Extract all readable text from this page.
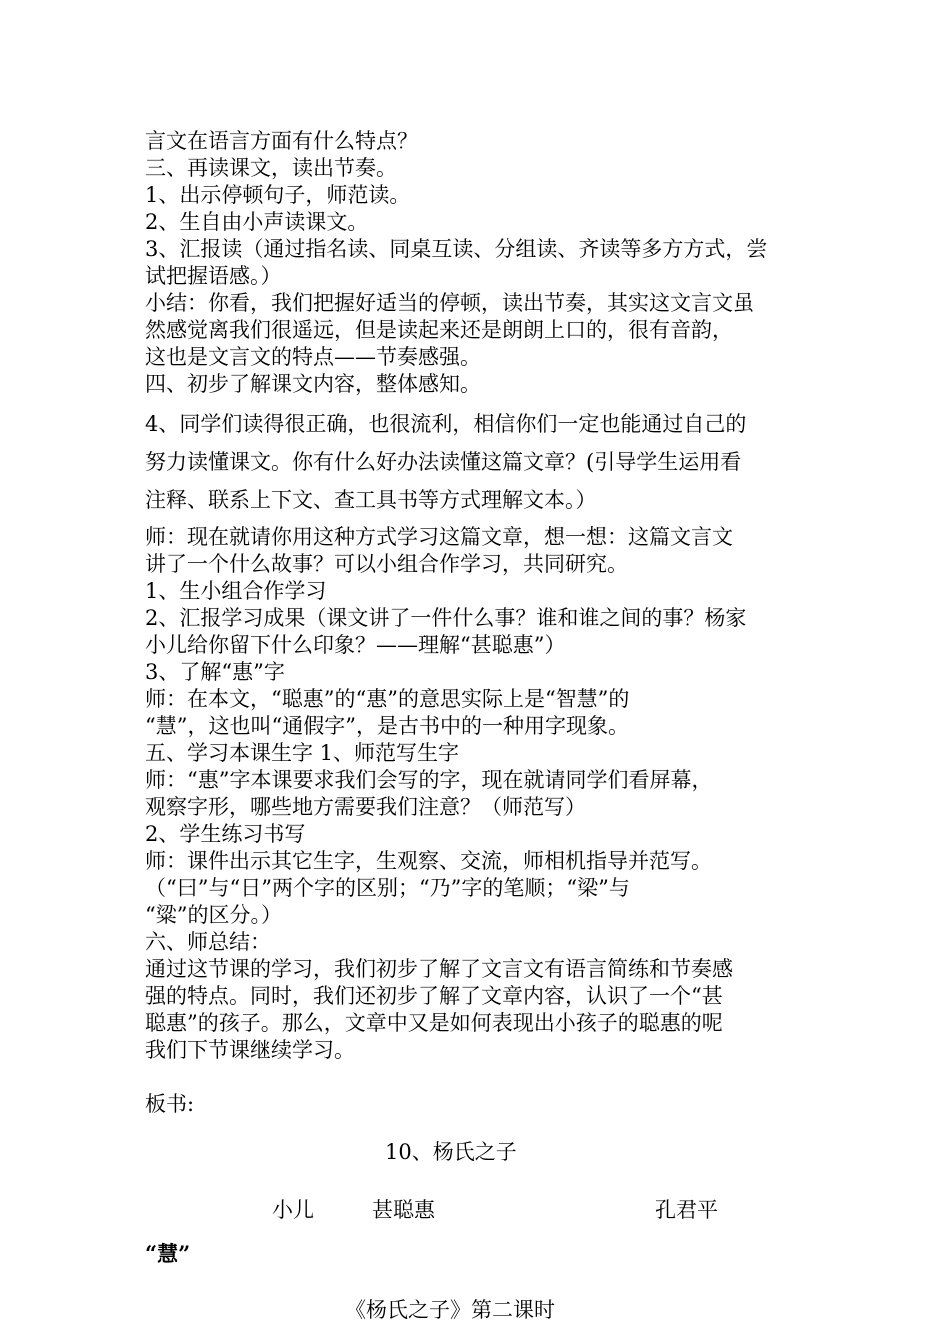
言文在语言方面有什么特点？

三、再读课文，读出节奏。

1、出示停顿句子，师范读。

2、生自由小声读课文。

3、汇报读（通过指名读、同桌互读、分组读、齐读等多方方式，尝

试把握语感。）

小结：你看，我们把握好适当的停顿，读出节奏，其实这文言文虽

然感觉离我们很遥远，但是读起来还是朗朗上口的，很有音韵，

这也是文言文的特点——节奏感强。

四、初步了解课文内容，整体感知。

4、同学们读得很正确，也很流利，相信你们一定也能通过自己的

努力读懂课文。你有什么好办法读懂这篇文章？(引导学生运用看

注释、联系上下文、查工具书等方式理解文本。）

师：现在就请你用这种方式学习这篇文章，想一想：这篇文言文

讲了一个什么故事？可以小组合作学习，共同研究。

1、生小组合作学习

2、汇报学习成果（课文讲了一件什么事？谁和谁之间的事？杨家

小儿给你留下什么印象？——理解“甚聪惠”）

3、了解“惠”字

师：在本文，“聪惠”的“惠”的意思实际上是“智慧”的

“慧”，这也叫“通假字”，是古书中的一种用字现象。

五、学习本课生字 1、师范写生字

师：“惠”字本课要求我们会写的字，现在就请同学们看屏幕，

观察字形，哪些地方需要我们注意？（师范写）

2、学生练习书写

师：课件出示其它生字，生观察、交流，师相机指导并范写。

（“曰”与“日”两个字的区别；“乃”字的笔顺；“梁”与

“粱”的区分。）

六、师总结：

通过这节课的学习，我们初步了解了文言文有语言简练和节奏感

强的特点。同时，我们还初步了解了文章内容，认识了一个“甚

聪惠”的孩子。那么，文章中又是如何表现出小孩子的聪惠的呢

我们下节课继续学习。

板书:

10、杨氏之子

小儿	甚聪惠	孔君平

“慧”

《杨氏之子》第二课时
